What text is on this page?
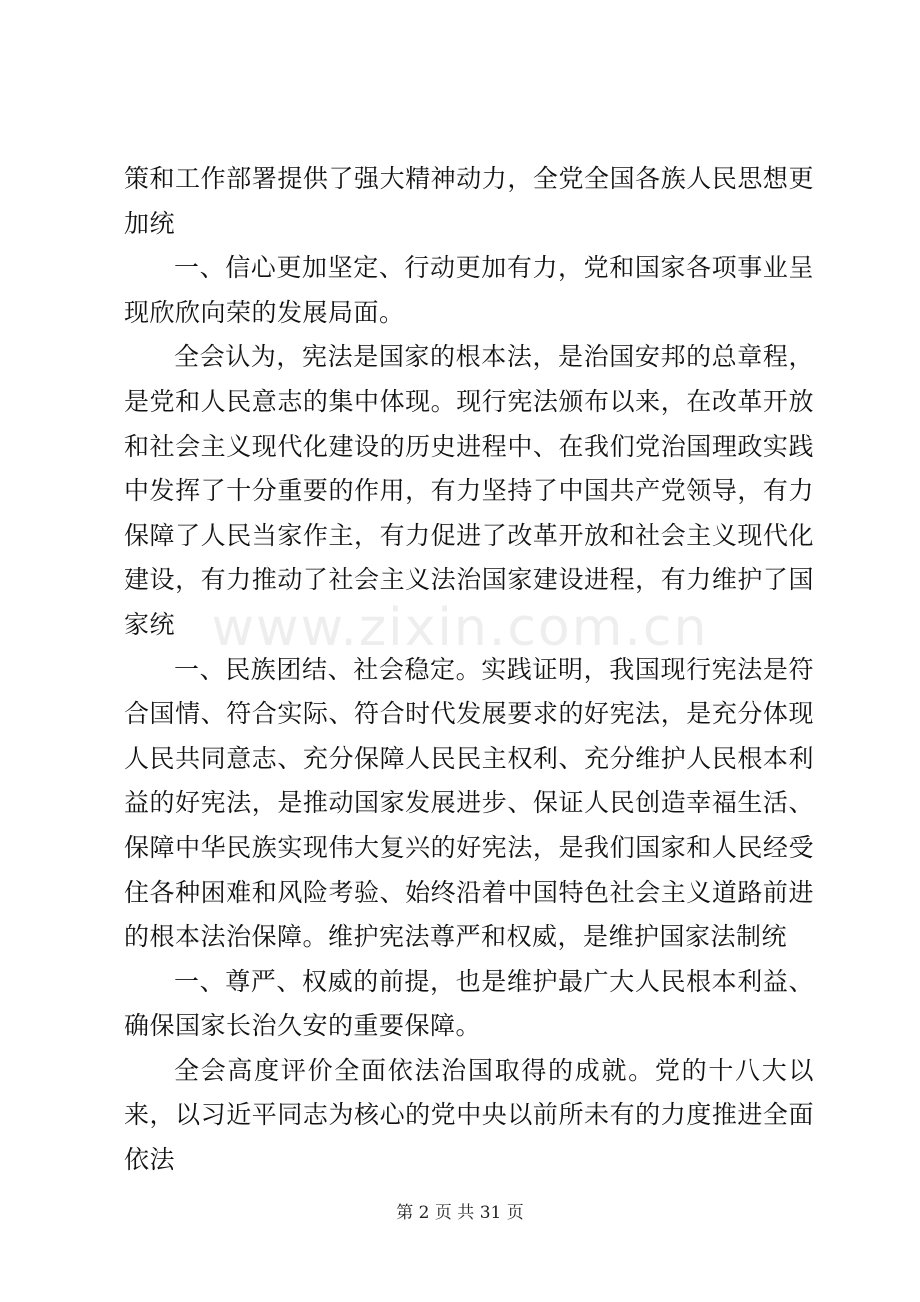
策和工作部署提供了强大精神动力，全党全国各族人民思想更加统

一、信心更加坚定、行动更加有力，党和国家各项事业呈现欣欣向荣的发展局面。

全会认为，宪法是国家的根本法，是治国安邦的总章程，是党和人民意志的集中体现。现行宪法颁布以来，在改革开放和社会主义现代化建设的历史进程中、在我们党治国理政实践中发挥了十分重要的作用，有力坚持了中国共产党领导，有力保障了人民当家作主，有力促进了改革开放和社会主义现代化建设，有力推动了社会主义法治国家建设进程，有力维护了国家统

一、民族团结、社会稳定。实践证明，我国现行宪法是符合国情、符合实际、符合时代发展要求的好宪法，是充分体现人民共同意志、充分保障人民民主权利、充分维护人民根本利益的好宪法，是推动国家发展进步、保证人民创造幸福生活、保障中华民族实现伟大复兴的好宪法，是我们国家和人民经受住各种困难和风险考验、始终沿着中国特色社会主义道路前进的根本法治保障。维护宪法尊严和权威，是维护国家法制统

一、尊严、权威的前提，也是维护最广大人民根本利益、确保国家长治久安的重要保障。

全会高度评价全面依法治国取得的成就。党的十八大以来，以习近平同志为核心的党中央以前所未有的力度推进全面依法

www.zixin.com.cn
第 2 页 共 31 页
